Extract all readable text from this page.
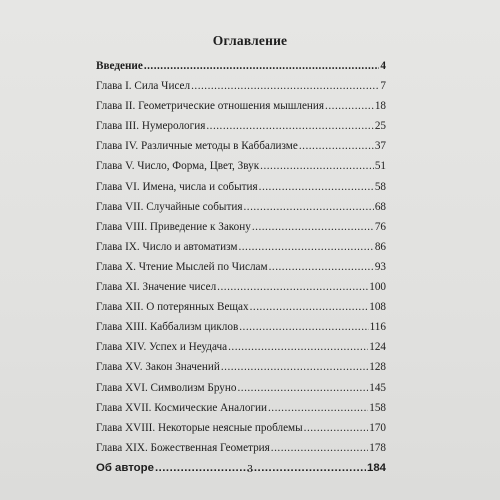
Оглавление
Введение .....	4
Глава I. Сила Чисел .....	7
Глава II. Геометрические отношения мышления .....	18
Глава III. Нумерология .....	25
Глава IV. Различные методы в Каббализме .....	37
Глава V. Число, Форма, Цвет, Звук .....	51
Глава VI. Имена, числа и события .....	58
Глава VII. Случайные события .....	68
Глава VIII. Приведение к Закону .....	76
Глава IX. Число и автоматизм .....	86
Глава X. Чтение Мыслей по Числам .....	93
Глава XI. Значение чисел .....	100
Глава XII. О потерянных Вещах .....	108
Глава XIII. Каббализм циклов .....	116
Глава XIV. Успех и Неудача .....	124
Глава XV. Закон Значений .....	128
Глава XVI. Символизм Бруно .....	145
Глава XVII. Космические Аналогии .....	158
Глава XVIII. Некоторые неясные проблемы .....	170
Глава XIX. Божественная Геометрия .....	178
Об авторе .....	184
3
